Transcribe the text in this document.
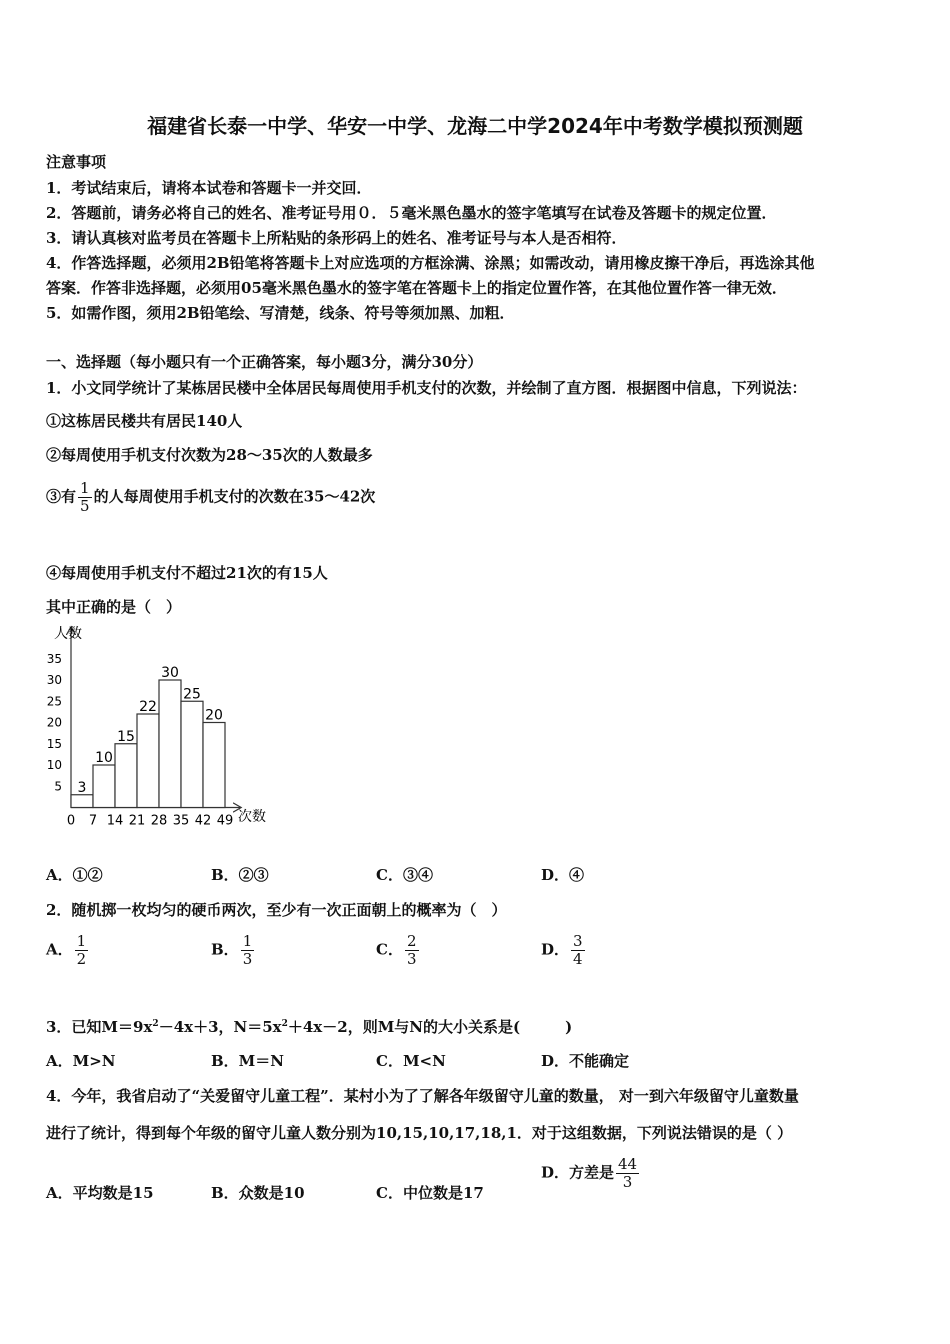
福建省长泰一中学、华安一中学、龙海二中学2024年中考数学模拟预测题
注意事项
1．考试结束后，请将本试卷和答题卡一并交回．
2．答题前，请务必将自己的姓名、准考证号用０．５毫米黑色墨水的签字笔填写在试卷及答题卡的规定位置．
3．请认真核对监考员在答题卡上所粘贴的条形码上的姓名、准考证号与本人是否相符．
4．作答选择题，必须用2B铅笔将答题卡上对应选项的方框涂满、涂黑；如需改动，请用橡皮擦干净后，再选涂其他
答案．作答非选择题，必须用05毫米黑色墨水的签字笔在答题卡上的指定位置作答，在其他位置作答一律无效．
5．如需作图，须用2B铅笔绘、写清楚，线条、符号等须加黑、加粗．
一、选择题（每小题只有一个正确答案，每小题3分，满分30分）
1．小文同学统计了某栋居民楼中全体居民每周使用手机支付的次数，并绘制了直方图．根据图中信息，下列说法：
①这栋居民楼共有居民140人
②每周使用手机支付次数为28～35次的人数最多
③有 $\frac{1}{5}$ 的人每周使用手机支付的次数在35～42次
④每周使用手机支付不超过21次的有15人
其中正确的是（　）
人数
次数
3
10
15
22
30
25
20
5
10
15
20
25
30
35
0 7 14 21 28 35 42 49
A．①②	B．②③	C．③④	D．④
2．随机掷一枚均匀的硬币两次，至少有一次正面朝上的概率为（　）
A． $\frac{1}{2}$	B． $\frac{1}{3}$	C． $\frac{2}{3}$	D． $\frac{3}{4}$
3．已知$M=9x^2-4x+3$，$N=5x^2+4x-2$，则M与N的大小关系是(　　　)
A．M>N	B．M＝N	C．M<N	D．不能确定
4．今年，我省启动了“关爱留守儿童工程”．某村小为了了解各年级留守儿童的数量， 对一到六年级留守儿童数量
进行了统计，得到每个年级的留守儿童人数分别为10,15,10,17,18,1．对于这组数据，下列说法错误的是（ ）
A．平均数是15	B．众数是10	C．中位数是17
D．方差是 $\frac{44}{3}$
